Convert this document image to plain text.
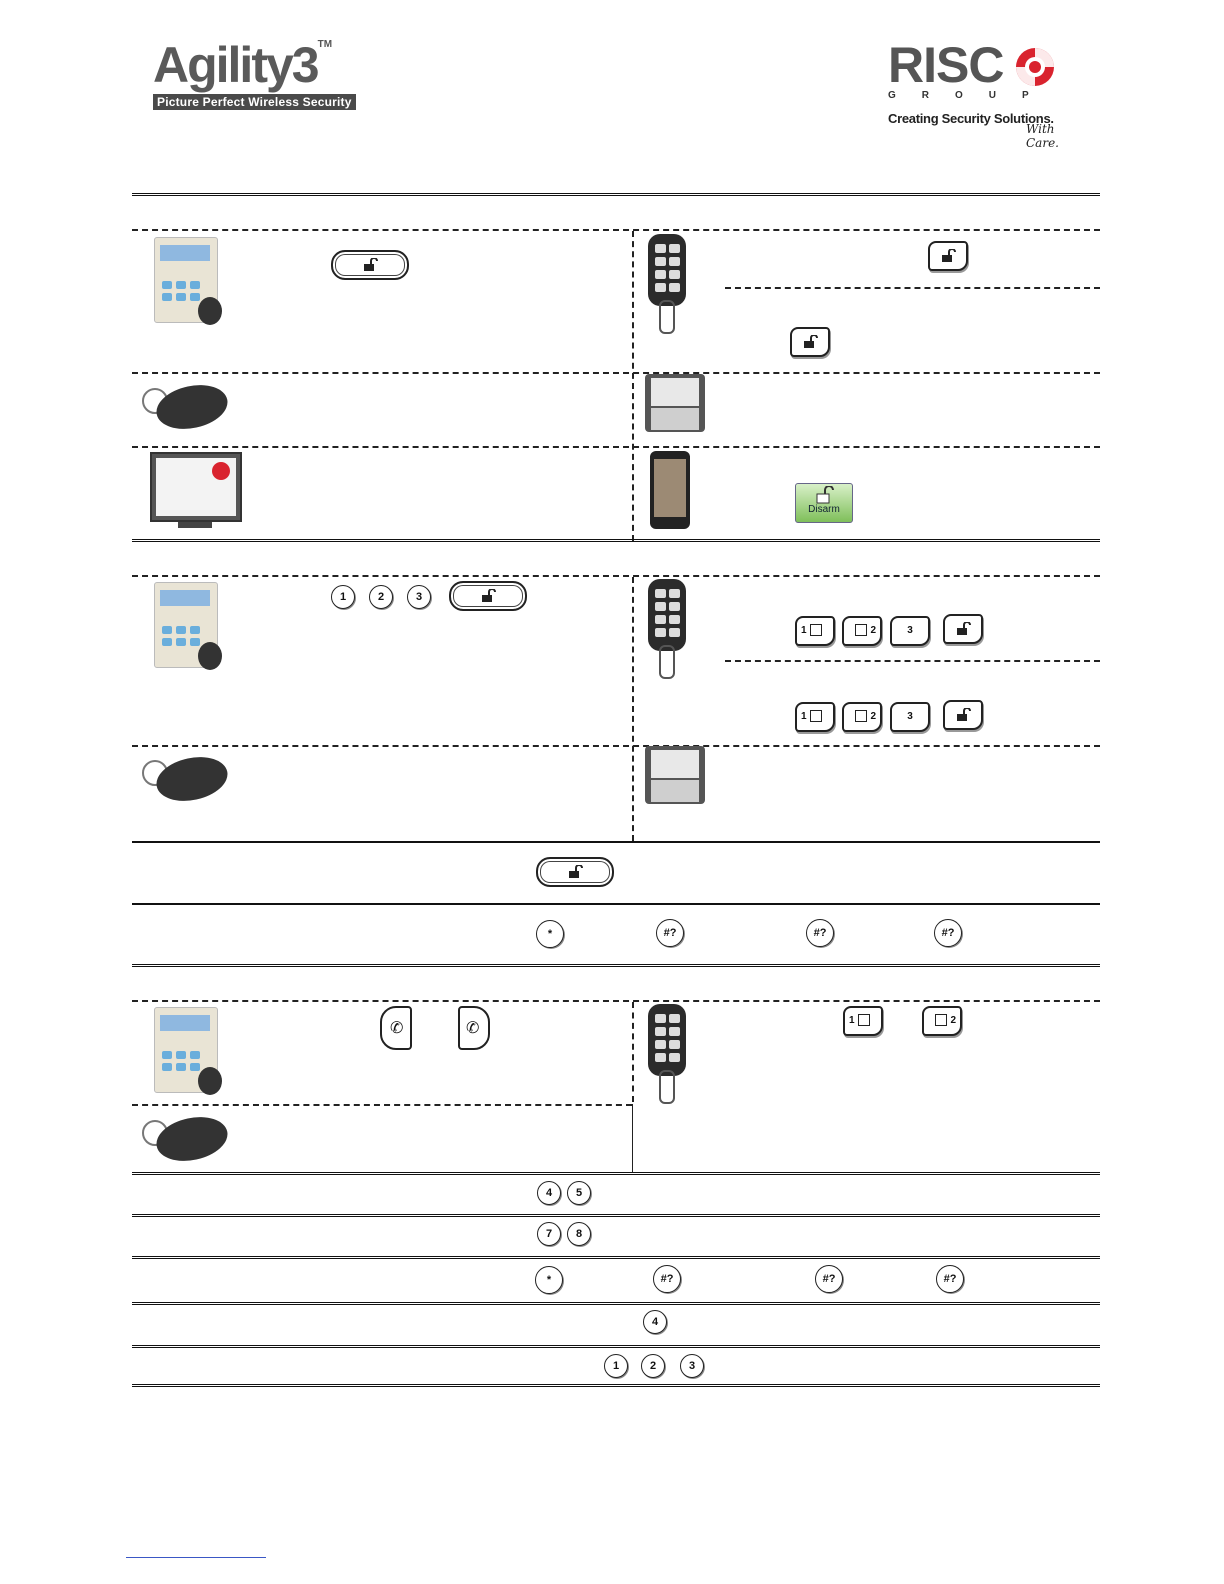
Agility3™
Picture Perfect Wireless Security
RISC
GROUP
Creating Security Solutions.
With Care.
Disarm
1	2	3
1	2	3
1	2	3
*	#?	#?	#?
✆	✆	1	2
4	5
7	8
*	#?	#?	#?
4
1	2	3
